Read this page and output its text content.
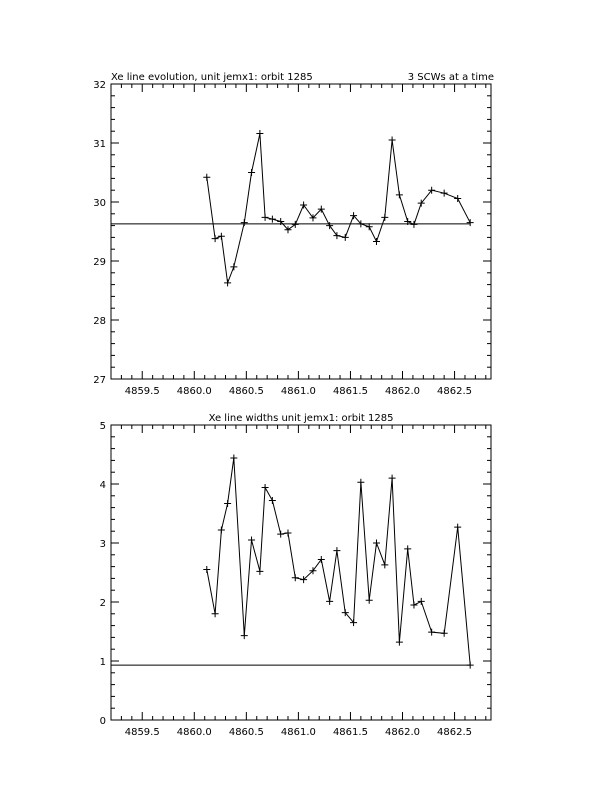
Xe line evolution, unit jemx1: orbit 1285	3 SCWs at a time
4859.5 4860.0 4860.5 4861.0 4861.5 4862.0 4862.5
27
28
29
30
31
32
Xe line widths unit jemx1: orbit 1285
4859.5 4860.0 4860.5 4861.0 4861.5 4862.0 4862.5
0
1
2
3
4
5
